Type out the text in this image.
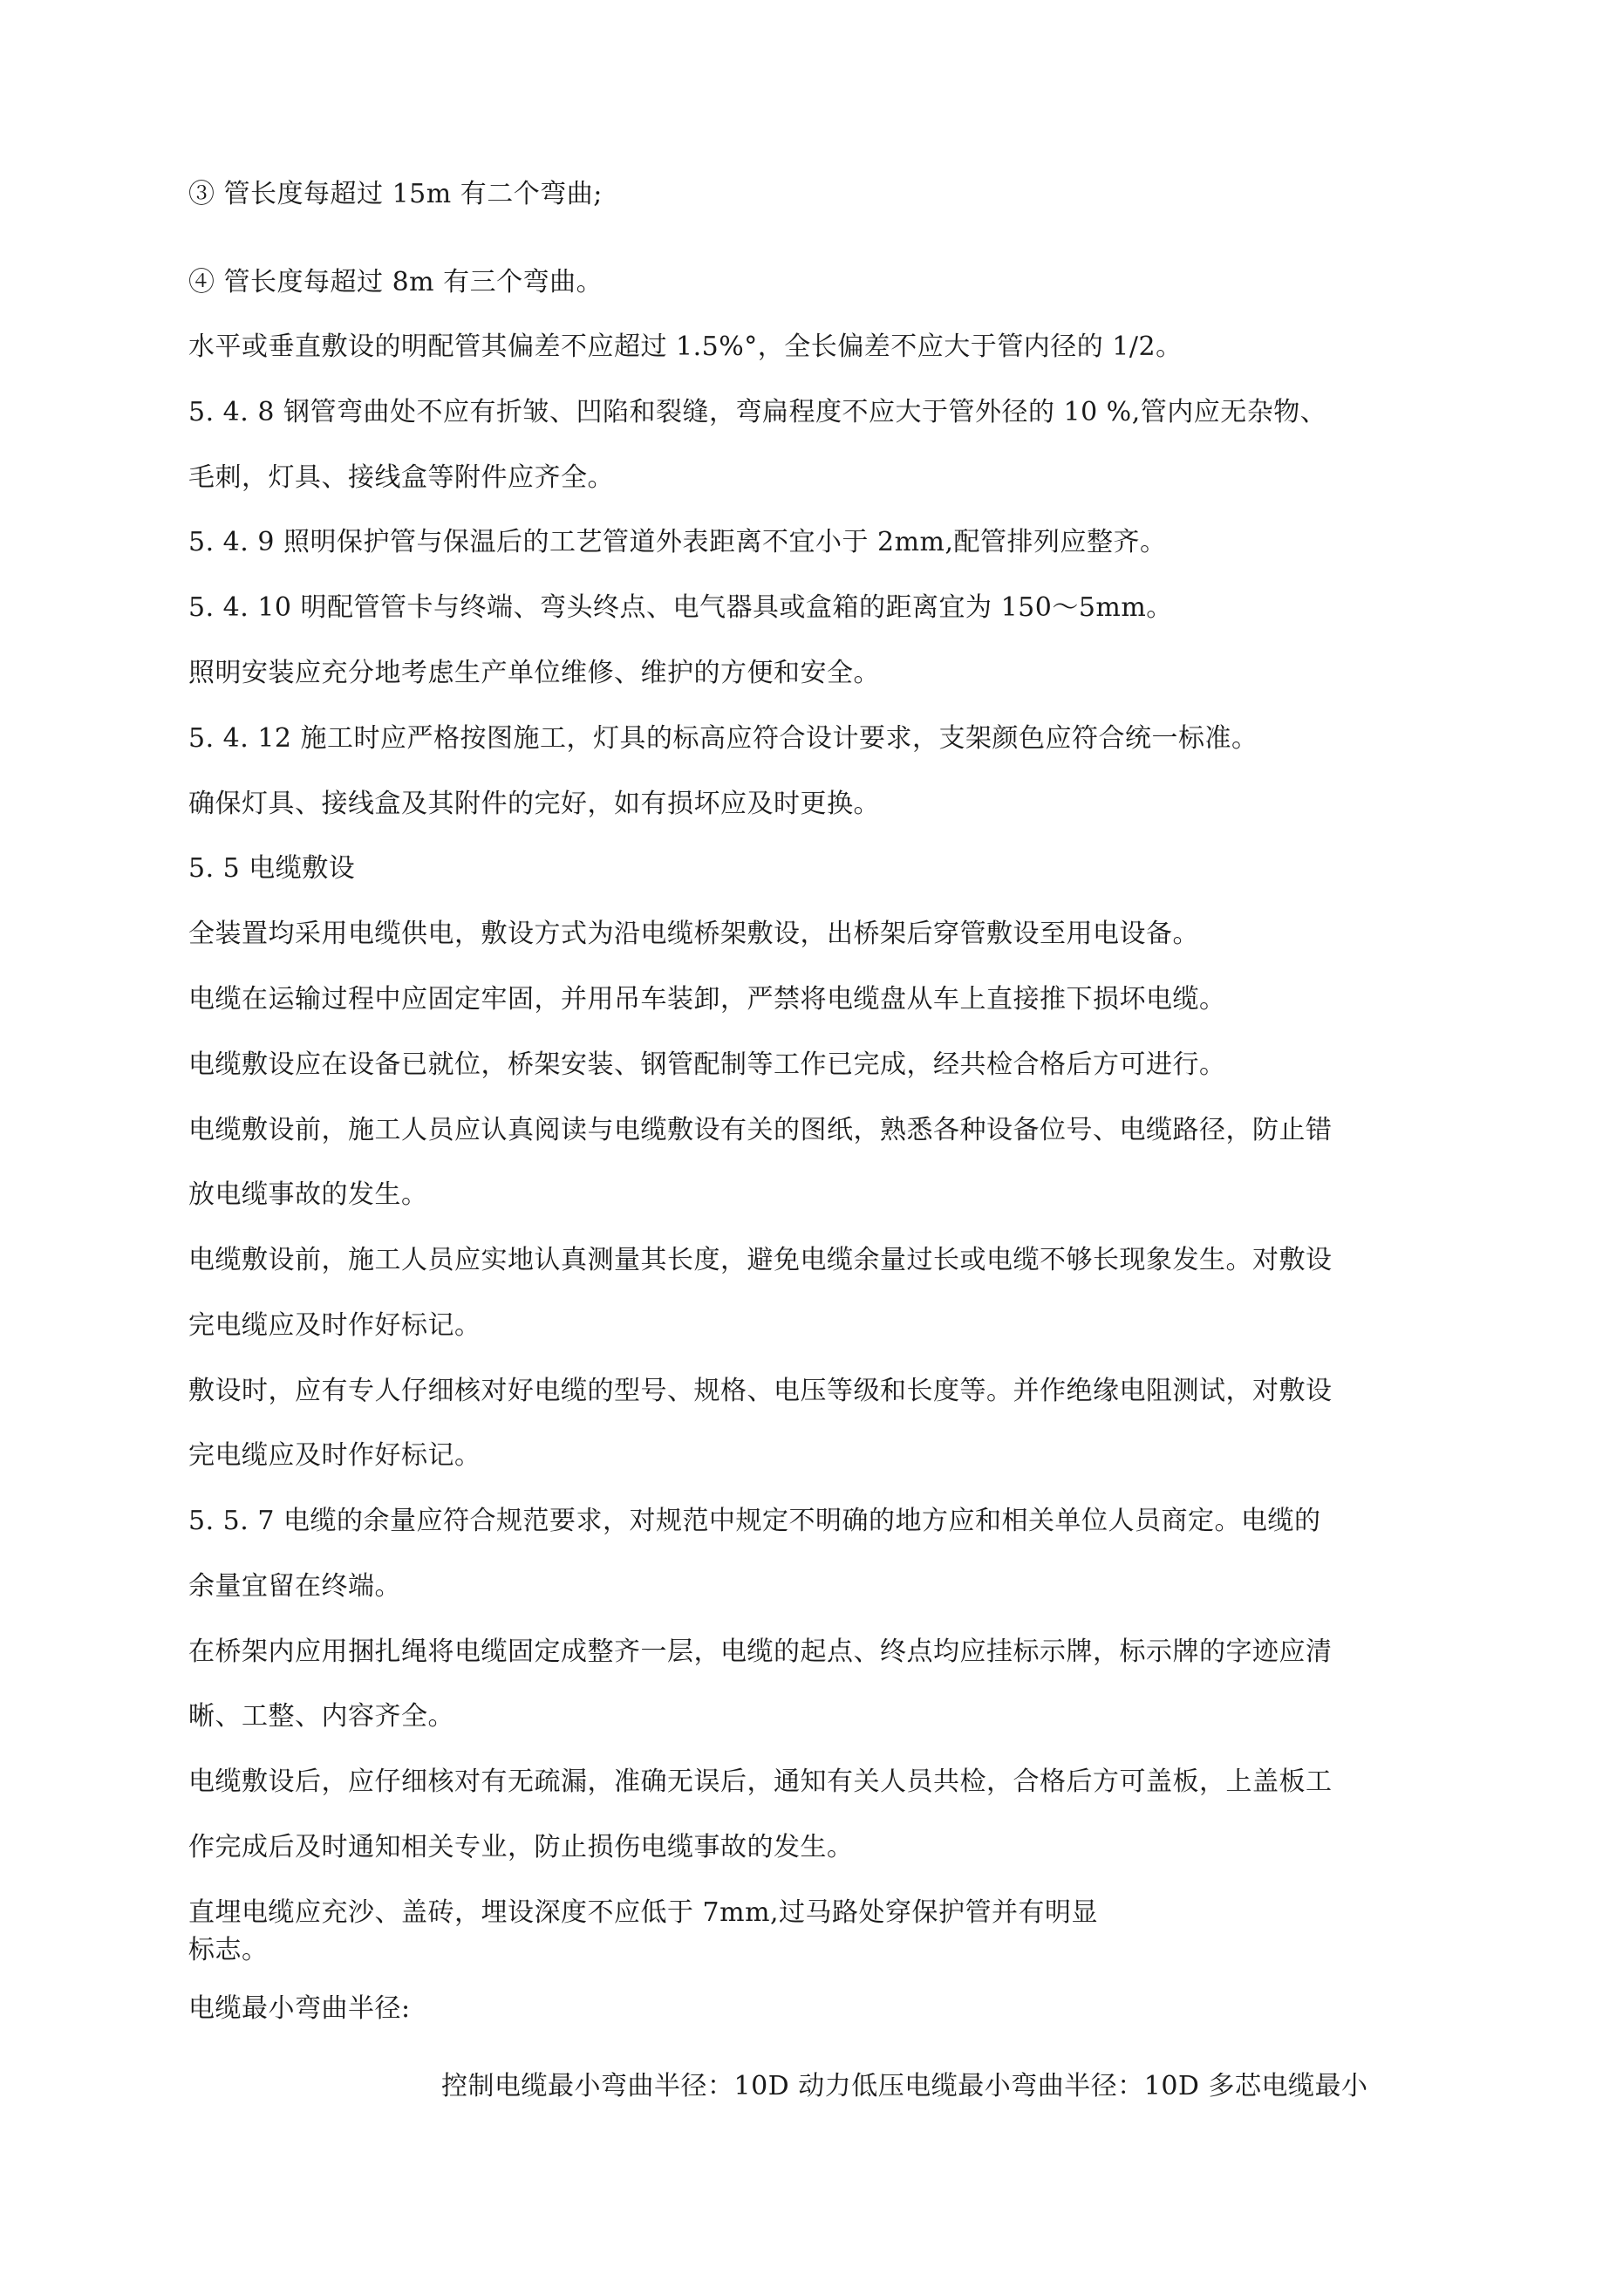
③ 管长度每超过 15m 有二个弯曲;
④ 管长度每超过 8m 有三个弯曲。
水平或垂直敷设的明配管其偏差不应超过 1.5%°，全长偏差不应大于管内径的 1/2。
5. 4. 8 钢管弯曲处不应有折皱、凹陷和裂缝，弯扁程度不应大于管外径的 10 %,管内应无杂物、
毛刺，灯具、接线盒等附件应齐全。
5. 4. 9 照明保护管与保温后的工艺管道外表距离不宜小于 2mm,配管排列应整齐。
5. 4. 10 明配管管卡与终端、弯头终点、电气器具或盒箱的距离宜为 150〜5mm。
照明安装应充分地考虑生产单位维修、维护的方便和安全。
5. 4. 12 施工时应严格按图施工，灯具的标高应符合设计要求，支架颜色应符合统一标准。
确保灯具、接线盒及其附件的完好，如有损坏应及时更换。
5. 5 电缆敷设
全装置均采用电缆供电，敷设方式为沿电缆桥架敷设，出桥架后穿管敷设至用电设备。
电缆在运输过程中应固定牢固，并用吊车装卸，严禁将电缆盘从车上直接推下损坏电缆。
电缆敷设应在设备已就位，桥架安装、钢管配制等工作已完成，经共检合格后方可进行。
电缆敷设前，施工人员应认真阅读与电缆敷设有关的图纸，熟悉各种设备位号、电缆路径，防止错
放电缆事故的发生。
电缆敷设前，施工人员应实地认真测量其长度，避免电缆余量过长或电缆不够长现象发生。对敷设
完电缆应及时作好标记。
敷设时，应有专人仔细核对好电缆的型号、规格、电压等级和长度等。并作绝缘电阻测试，对敷设
完电缆应及时作好标记。
5. 5. 7 电缆的余量应符合规范要求，对规范中规定不明确的地方应和相关单位人员商定。电缆的
余量宜留在终端。
在桥架内应用捆扎绳将电缆固定成整齐一层，电缆的起点、终点均应挂标示牌，标示牌的字迹应清
晰、工整、内容齐全。
电缆敷设后，应仔细核对有无疏漏，准确无误后，通知有关人员共检，合格后方可盖板，上盖板工
作完成后及时通知相关专业，防止损伤电缆事故的发生。
直埋电缆应充沙、盖砖，埋设深度不应低于 7mm,过马路处穿保护管并有明显
标志。
电缆最小弯曲半径:
控制电缆最小弯曲半径：10D 动力低压电缆最小弯曲半径：10D 多芯电缆最小
